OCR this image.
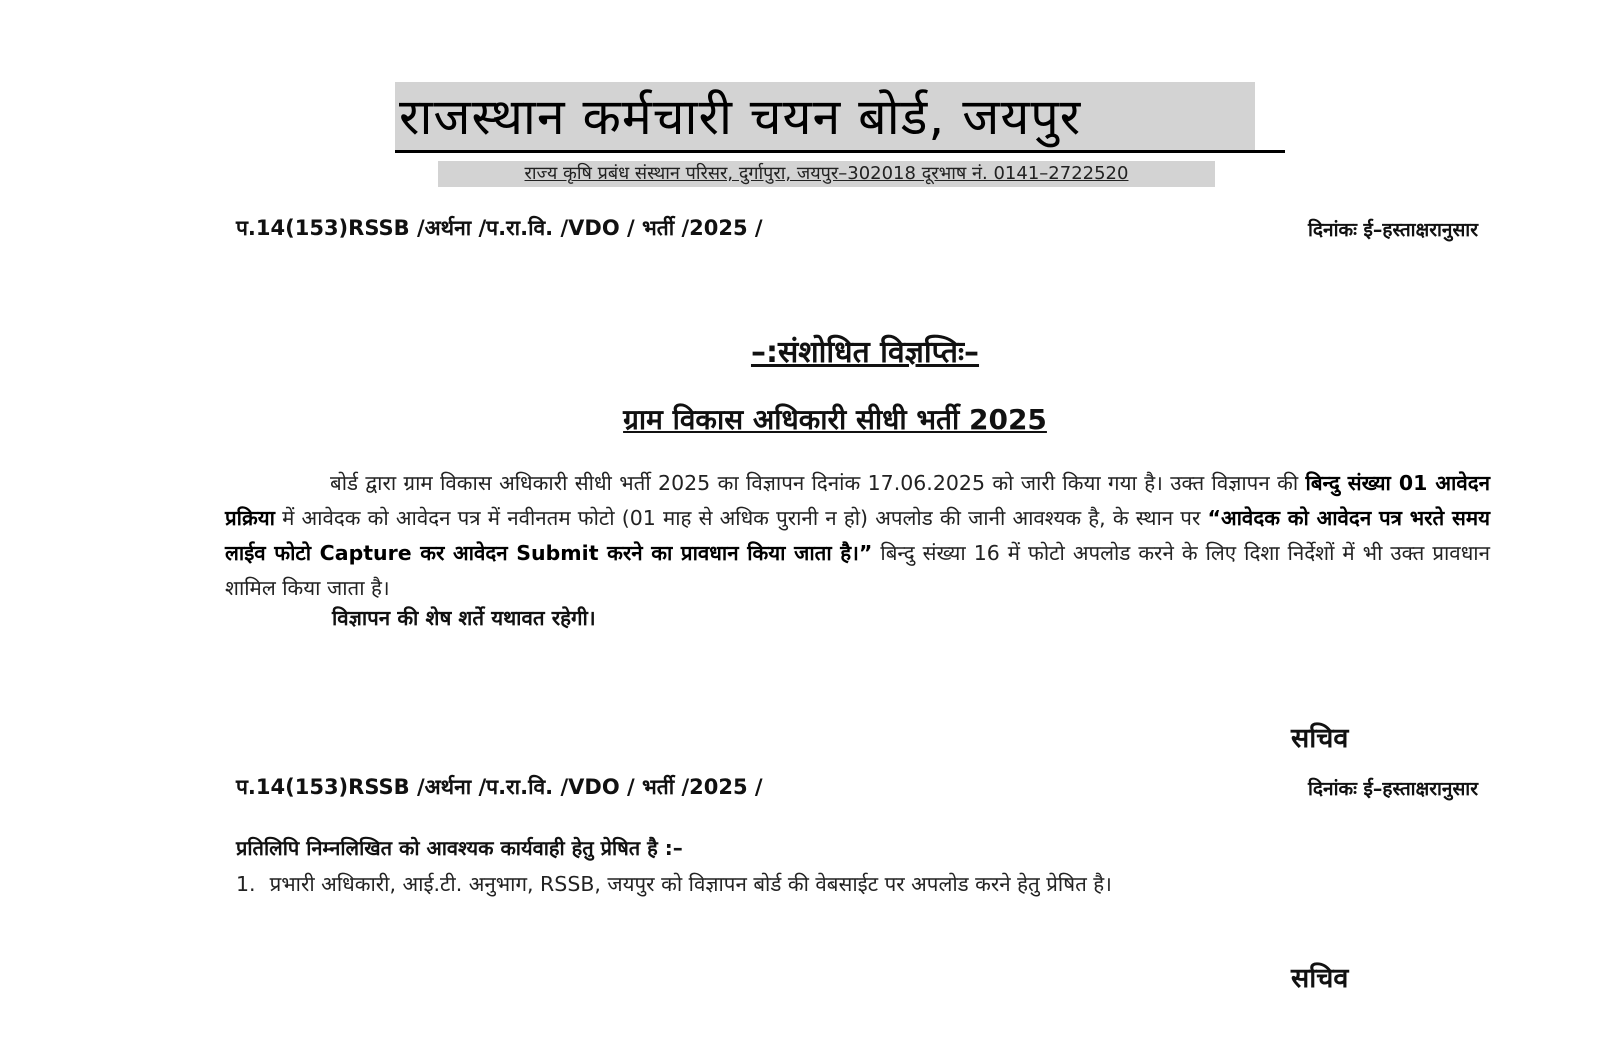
राजस्थान कर्मचारी चयन बोर्ड, जयपुर
राज्य कृषि प्रबंध संस्थान परिसर, दुर्गापुरा, जयपुर–302018 दूरभाष नं. 0141–2722520
प.14(153)RSSB /अर्थना /प.रा.वि. /VDO / भर्ती /2025 /	दिनांकः ई–हस्ताक्षरानुसार
–:संशोधित विज्ञप्तिः–
ग्राम विकास अधिकारी सीधी भर्ती 2025
बोर्ड द्वारा ग्राम विकास अधिकारी सीधी भर्ती 2025 का विज्ञापन दिनांक 17.06.2025 को जारी किया गया है। उक्त विज्ञापन की बिन्दु संख्या 01 आवेदन प्रक्रिया में आवेदक को आवेदन पत्र में नवीनतम फोटो (01 माह से अधिक पुरानी न हो) अपलोड की जानी आवश्यक है, के स्थान पर “आवेदक को आवेदन पत्र भरते समय लाईव फोटो Capture कर आवेदन Submit करने का प्रावधान किया जाता है।” बिन्दु संख्या 16 में फोटो अपलोड करने के लिए दिशा निर्देशों में भी उक्त प्रावधान शामिल किया जाता है।
विज्ञापन की शेष शर्ते यथावत रहेगी।
सचिव
प.14(153)RSSB /अर्थना /प.रा.वि. /VDO / भर्ती /2025 /	दिनांकः ई–हस्ताक्षरानुसार
प्रतिलिपि निम्नलिखित को आवश्यक कार्यवाही हेतु प्रेषित है :–
1. प्रभारी अधिकारी, आई.टी. अनुभाग, RSSB, जयपुर को विज्ञापन बोर्ड की वेबसाईट पर अपलोड करने हेतु प्रेषित है।
सचिव
